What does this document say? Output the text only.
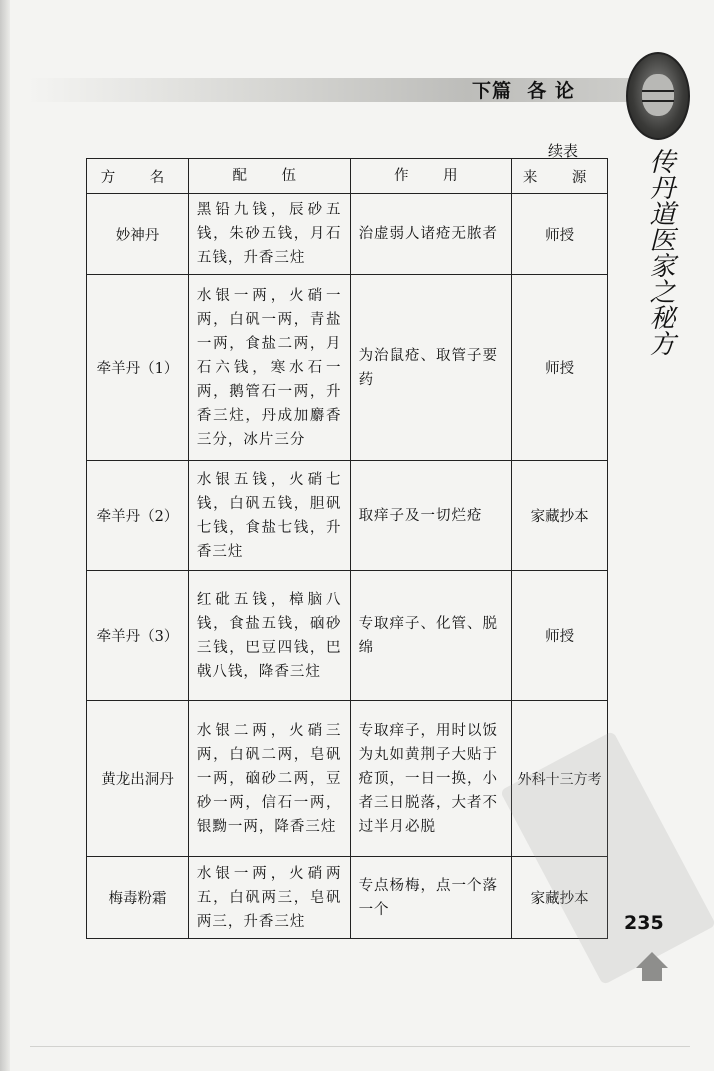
下篇 各 论
传丹道医家之秘方
续表
方　名	配　伍	作　用	来　源
妙神丹	黑铅九钱，辰砂五钱，朱砂五钱，月石五钱，升香三炷	治虚弱人诸疮无脓者	师授
牵羊丹（1）	水银一两，火硝一两，白矾一两，青盐一两，食盐二两，月石六钱，寒水石一两，鹅管石一两，升香三炷，丹成加麝香三分，冰片三分	为治鼠疮、取管子要药	师授
牵羊丹（2）	水银五钱，火硝七钱，白矾五钱，胆矾七钱，食盐七钱，升香三炷	取痒子及一切烂疮	家藏抄本
牵羊丹（3）	红砒五钱，樟脑八钱，食盐五钱，硇砂三钱，巴豆四钱，巴戟八钱，降香三炷	专取痒子、化管、脱绵	师授
黄龙出洞丹	水银二两，火硝三两，白矾二两，皂矾一两，硇砂二两，豆砂一两，信石一两，银黝一两，降香三炷	专取痒子，用时以饭为丸如黄荆子大贴于疮顶，一日一换，小者三日脱落，大者不过半月必脱	外科十三方考
梅毒粉霜	水银一两，火硝两五，白矾两三，皂矾两三，升香三炷	专点杨梅，点一个落一个	家藏抄本
235
